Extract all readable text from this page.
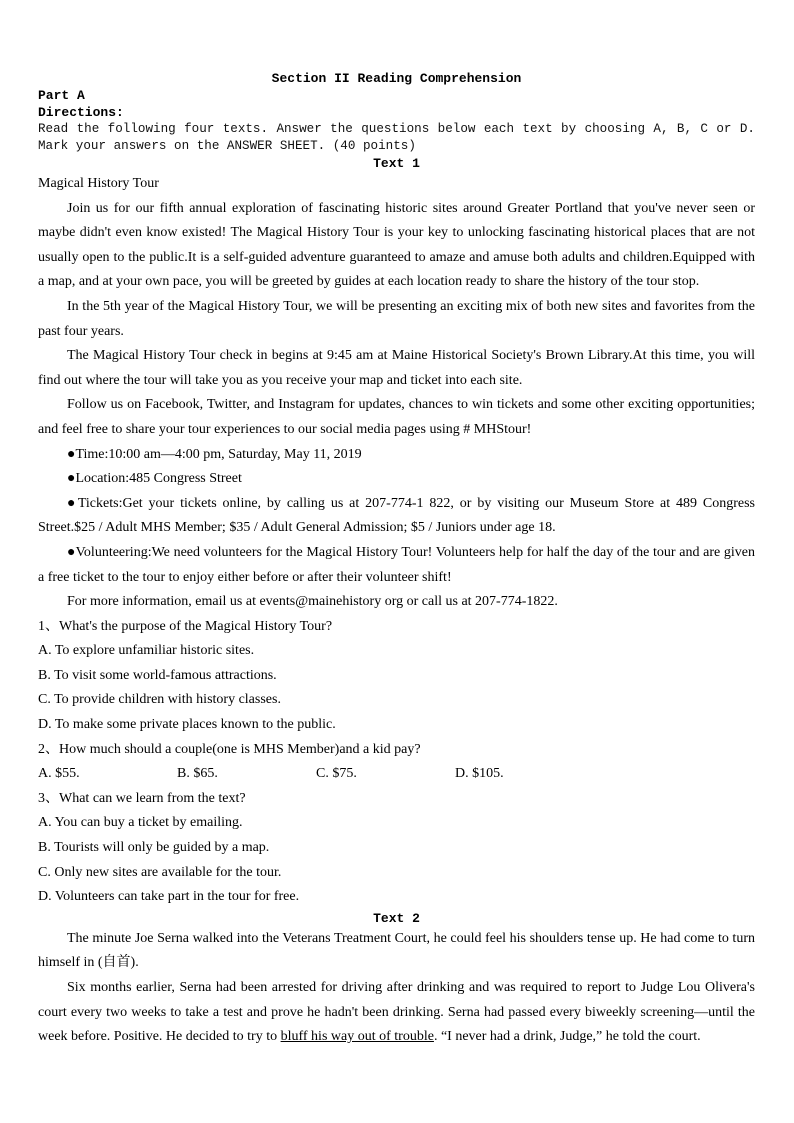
Section II Reading Comprehension
Part A
Directions:
Read the following four texts. Answer the questions below each text by choosing A, B, C or D. Mark your answers on the ANSWER SHEET. (40 points)
Text 1
Magical History Tour

Join us for our fifth annual exploration of fascinating historic sites around Greater Portland that you've never seen or maybe didn't even know existed! The Magical History Tour is your key to unlocking fascinating historical places that are not usually open to the public.It is a self-guided adventure guaranteed to amaze and amuse both adults and children.Equipped with a map, and at your own pace, you will be greeted by guides at each location ready to share the history of the tour stop.

In the 5th year of the Magical History Tour, we will be presenting an exciting mix of both new sites and favorites from the past four years.

The Magical History Tour check in begins at 9:45 am at Maine Historical Society's Brown Library.At this time, you will find out where the tour will take you as you receive your map and ticket into each site.

Follow us on Facebook, Twitter, and Instagram for updates, chances to win tickets and some other exciting opportunities; and feel free to share your tour experiences to our social media pages using # MHStour!

●Time:10:00 am—4:00 pm, Saturday, May 11, 2019

●Location:485 Congress Street

●Tickets:Get your tickets online, by calling us at 207-774-1 822, or by visiting our Museum Store at 489 Congress Street.$25 / Adult MHS Member; $35 / Adult General Admission; $5 / Juniors under age 18.

●Volunteering:We need volunteers for the Magical History Tour! Volunteers help for half the day of the tour and are given a free ticket to the tour to enjoy either before or after their volunteer shift!

For more information, email us at events@mainehistory org or call us at 207-774-1822.

1、What's the purpose of the Magical History Tour?
A. To explore unfamiliar historic sites.
B. To visit some world-famous attractions.
C. To provide children with history classes.
D. To make some private places known to the public.
2、How much should a couple(one is MHS Member)and a kid pay?
A. $55.	B. $65.	C. $75.	D. $105.
3、What can we learn from the text?
A. You can buy a ticket by emailing.
B. Tourists will only be guided by a map.
C. Only new sites are available for the tour.
D. Volunteers can take part in the tour for free.
Text 2

The minute Joe Serna walked into the Veterans Treatment Court, he could feel his shoulders tense up. He had come to turn himself in (自首).

Six months earlier, Serna had been arrested for driving after drinking and was required to report to Judge Lou Olivera's court every two weeks to take a test and prove he hadn't been drinking. Serna had passed every biweekly screening—until the week before. Positive. He decided to try to bluff his way out of trouble. “I never had a drink, Judge,” he told the court.
